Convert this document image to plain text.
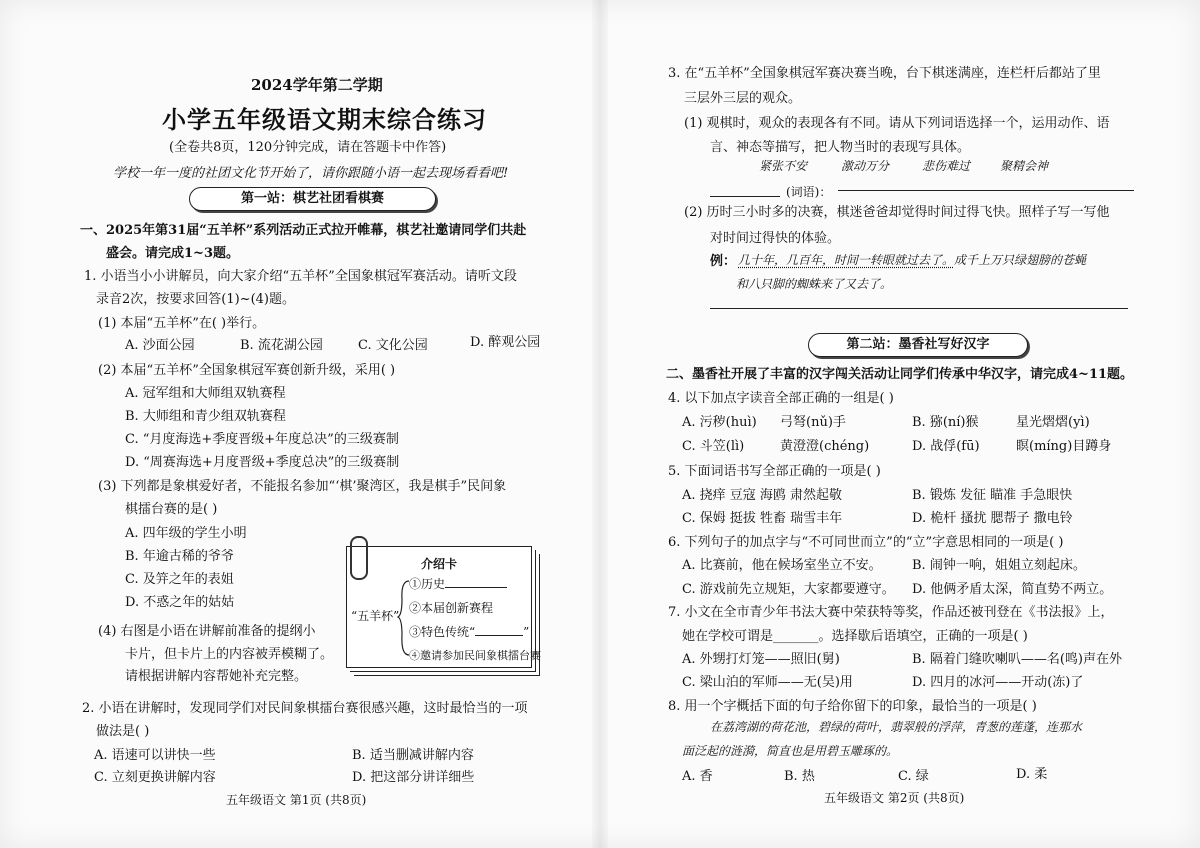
2024学年第二学期
小学五年级语文期末综合练习
(全卷共8页，120分钟完成，请在答题卡中作答)
学校一年一度的社团文化节开始了，请你跟随小语一起去现场看看吧!
第一站：棋艺社团看棋赛
一、2025年第31届“五羊杯”系列活动正式拉开帷幕，棋艺社邀请同学们共赴
盛会。请完成1~3题。
1. 小语当小小讲解员，向大家介绍“五羊杯”全国象棋冠军赛活动。请听文段
录音2次，按要求回答(1)~(4)题。
(1) 本届“五羊杯”在( )举行。
A. 沙面公园	B. 流花湖公园	C. 文化公园	D. 醉观公园
(2) 本届“五羊杯”全国象棋冠军赛创新升级，采用( )
A. 冠军组和大师组双轨赛程
B. 大师组和青少组双轨赛程
C. “月度海选+季度晋级+年度总决”的三级赛制
D. “周赛海选+月度晋级+季度总决”的三级赛制
(3) 下列都是象棋爱好者，不能报名参加“‘棋’聚湾区，我是棋手”民间象
棋擂台赛的是( )
A. 四年级的学生小明
B. 年逾古稀的爷爷
C. 及笄之年的表姐
D. 不惑之年的姑姑
(4) 右图是小语在讲解前准备的提纲小
卡片，但卡片上的内容被弄模糊了。
请根据讲解内容帮她补充完整。
介绍卡
“五羊杯”
①历史
②本届创新赛程
③特色传统“	”
④邀请参加民间象棋擂台赛
2. 小语在讲解时，发现同学们对民间象棋擂台赛很感兴趣，这时最恰当的一项
做法是( )
A. 语速可以讲快一些	B. 适当删减讲解内容
C. 立刻更换讲解内容	D. 把这部分讲详细些
五年级语文 第1页 (共8页)
3. 在“五羊杯”全国象棋冠军赛决赛当晚，台下棋迷满座，连栏杆后都站了里
三层外三层的观众。
(1) 观棋时，观众的表现各有不同。请从下列词语选择一个，运用动作、语
言、神态等描写，把人物当时的表现写具体。
紧张不安	激动万分	悲伤难过 聚精会神
(词语)：
(2) 历时三小时多的决赛，棋迷爸爸却觉得时间过得飞快。照样子写一写他
对时间过得快的体验。
例： 几十年，几百年，时间一转眼就过去了。成千上万只绿翅膀的苍蝇
和八只脚的蜘蛛来了又去了。
第二站：墨香社写好汉字
二、墨香社开展了丰富的汉字闯关活动让同学们传承中华汉字，请完成4~11题。
4. 以下加点字读音全部正确的一组是( )
A. 污秽(huì) 弓弩(nǔ)手	B. 猕(ní)猴	星光熠熠(yì)
C. 斗笠(lì)	黄澄澄(chéng)	D. 战俘(fū)	瞑(míng)目蹲身
5. 下面词语书写全部正确的一项是( )
A. 挠痒 豆寇 海鸥 肃然起敬	B. 锻炼 发征 瞄准 手急眼快
C. 保姆 挺拔 牲畜 瑞雪丰年	D. 桅杆 搔扰 腮帮子 撒电铃
6. 下列句子的加点字与“不可同世而立”的“立”字意思相同的一项是( )
A. 比赛前，他在候场室坐立不安。 B. 闹钟一响，姐姐立刻起床。
C. 游戏前先立规矩，大家都要遵守。 D. 他俩矛盾太深，简直势不两立。
7. 小文在全市青少年书法大赛中荣获特等奖，作品还被刊登在《书法报》上，
她在学校可谓是_______。选择歇后语填空，正确的一项是( )
A. 外甥打灯笼——照旧(舅)	B. 隔着门缝吹喇叭——名(鸣)声在外
C. 梁山泊的军师——无(吴)用	D. 四月的冰河——开动(冻)了
8. 用一个字概括下面的句子给你留下的印象，最恰当的一项是( )
在荔湾湖的荷花池，碧绿的荷叶，翡翠般的浮萍，青葱的莲蓬，连那水
面泛起的涟漪，简直也是用碧玉雕琢的。
A. 香	B. 热	C. 绿	D. 柔
五年级语文 第2页 (共8页)
